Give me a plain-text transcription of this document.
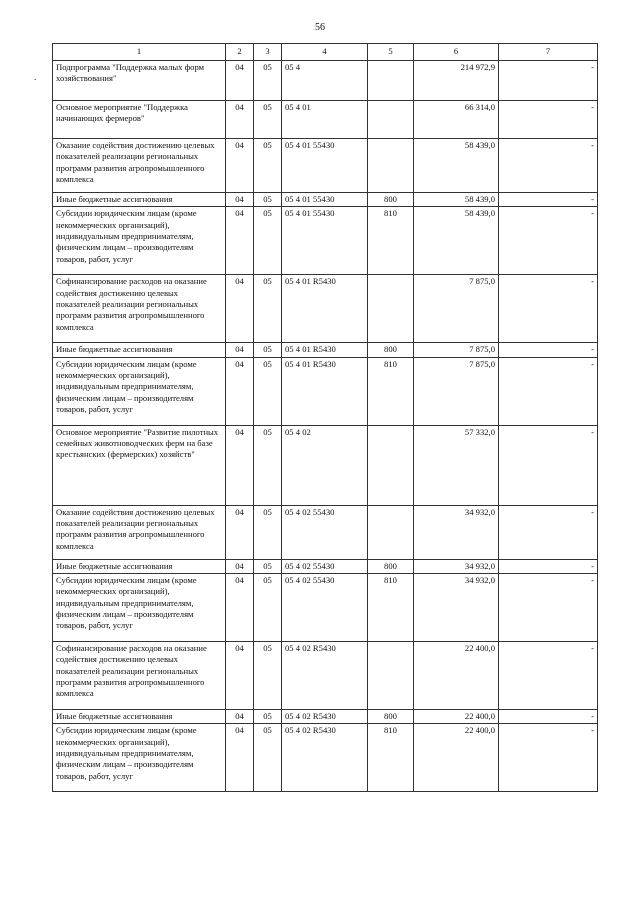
56
.
1	2	3	4	5	6	7
Подпрограмма "Поддержка малых форм хозяйствования"	04	05	05 4		214 972,9	-
Основное мероприятие "Поддержка начинающих фермеров"	04	05	05 4 01		66 314,0	-
Оказание содействия достижению целевых показателей реализации региональных программ развития агропромышленного комплекса	04	05	05 4 01 55430		58 439,0	-
Иные бюджетные ассигнования	04	05	05 4 01 55430	800	58 439,0	-
Субсидии юридическим лицам (кроме некоммерческих организаций), индивидуальным предпринимателям, физическим лицам – производителям товаров, работ, услуг	04	05	05 4 01 55430	810	58 439,0	-
Софинансирование расходов на оказание содействия достижению целевых показателей реализации региональных программ развития агропромышленного комплекса	04	05	05 4 01 R5430		7 875,0	-
Иные бюджетные ассигнования	04	05	05 4 01 R5430	800	7 875,0	-
Субсидии юридическим лицам (кроме некоммерческих организаций), индивидуальным предпринимателям, физическим лицам – производителям товаров, работ, услуг	04	05	05 4 01 R5430	810	7 875,0	-
Основное мероприятие "Развитие пилотных семейных животноводческих ферм на базе крестьянских (фермерских) хозяйств"	04	05	05 4 02		57 332,0	-
Оказание содействия достижению целевых показателей реализации региональных программ развития агропромышленного комплекса	04	05	05 4 02 55430		34 932,0	-
Иные бюджетные ассигнования	04	05	05 4 02 55430	800	34 932,0	-
Субсидии юридическим лицам (кроме некоммерческих организаций), индивидуальным предпринимателям, физическим лицам – производителям товаров, работ, услуг	04	05	05 4 02 55430	810	34 932,0	-
Софинансирование расходов на оказание содействия достижению целевых показателей реализации региональных программ развития агропромышленного комплекса	04	05	05 4 02 R5430		22 400,0	-
Иные бюджетные ассигнования	04	05	05 4 02 R5430	800	22 400,0	-
Субсидии юридическим лицам (кроме некоммерческих организаций), индивидуальным предпринимателям, физическим лицам – производителям товаров, работ, услуг	04	05	05 4 02 R5430	810	22 400,0	-
